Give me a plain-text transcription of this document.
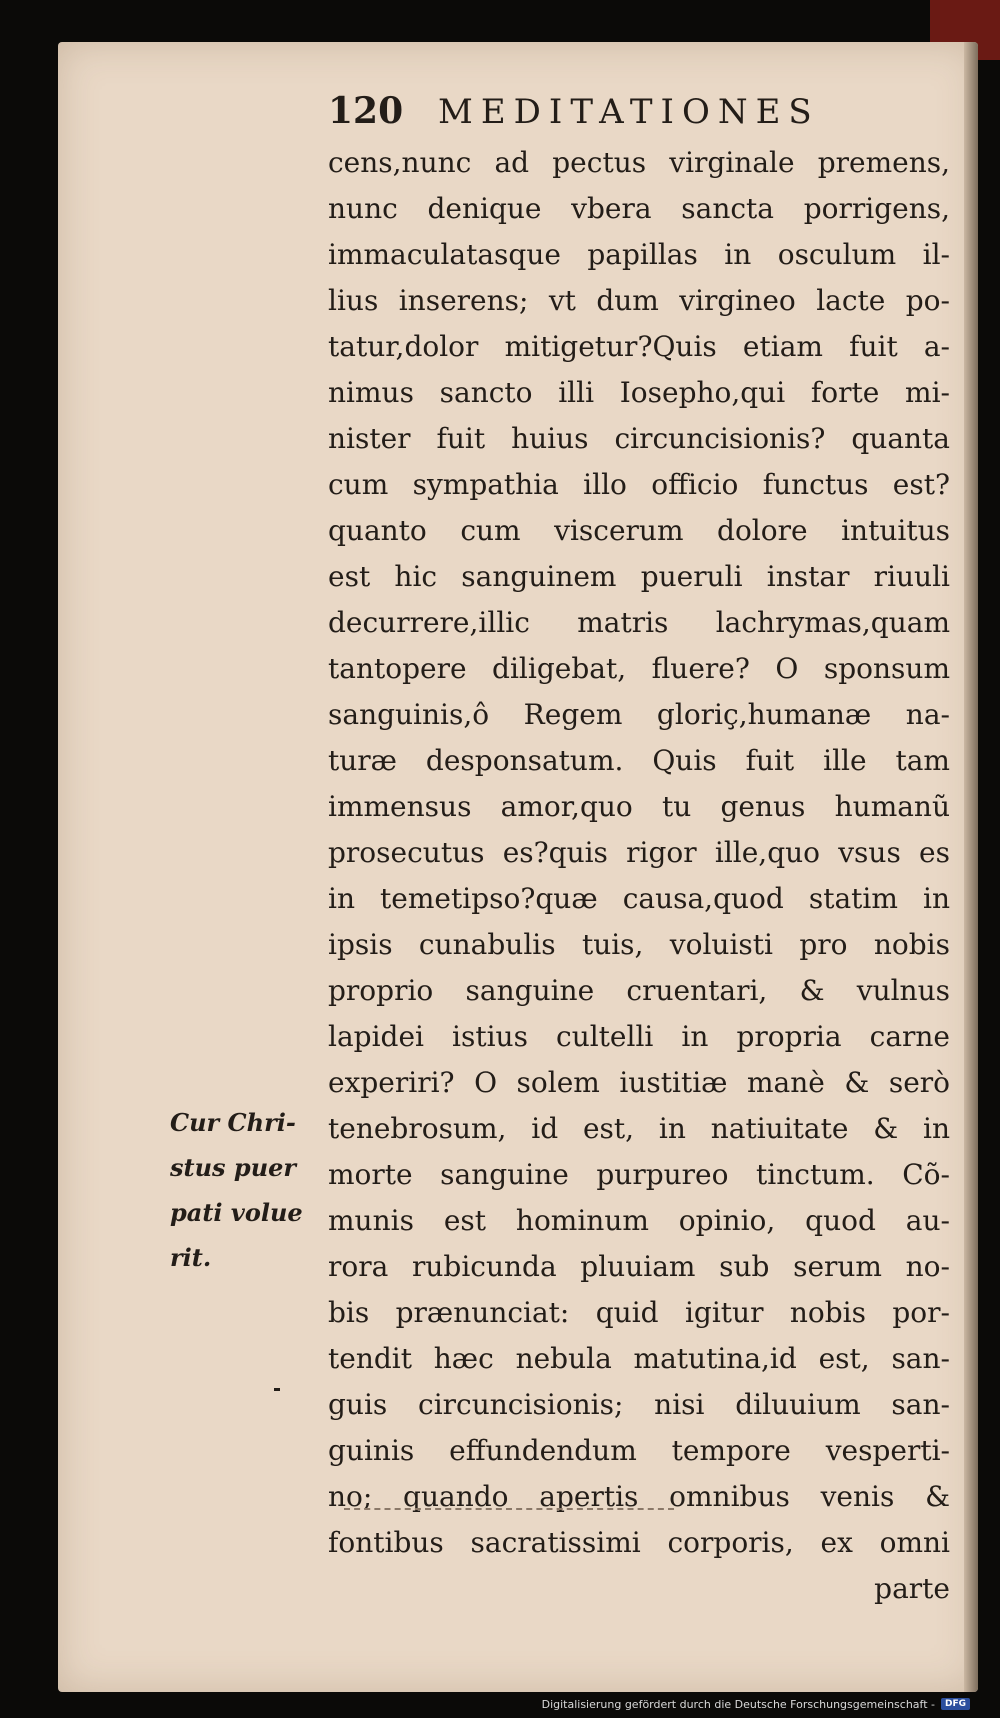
120	MEDITATIONES
cens,nunc ad pectus virginale premens,
nunc denique vbera sancta porrigens,
immaculatasque papillas in osculum il-
lius inserens; vt dum virgineo lacte po-
tatur,dolor mitigetur?Quis etiam fuit a-
nimus sancto illi Iosepho,qui forte mi-
nister fuit huius circuncisionis? quanta
cum sympathia illo officio functus est?
quanto cum viscerum dolore intuitus
est hic sanguinem pueruli instar riuuli
decurrere,illic matris lachrymas,quam
tantopere diligebat, fluere? O sponsum
sanguinis,ô Regem gloriç,humanæ na-
turæ desponsatum. Quis fuit ille tam
immensus amor,quo tu genus humanũ
prosecutus es?quis rigor ille,quo vsus es
in temetipso?quæ causa,quod statim in
ipsis cunabulis tuis, voluisti pro nobis
proprio sanguine cruentari, & vulnus
lapidei istius cultelli in propria carne
experiri? O solem iustitiæ manè & serò
tenebrosum, id est, in natiuitate & in
morte sanguine purpureo tinctum. Cõ-
munis est hominum opinio, quod au-
rora rubicunda pluuiam sub serum no-
bis prænunciat: quid igitur nobis por-
tendit hæc nebula matutina,id est, san-
guis circuncisionis; nisi diluuium san-
guinis effundendum tempore vesperti-
no; quando apertis omnibus venis &
fontibus sacratissimi corporis, ex omni
parte
Cur Chri-
stus puer
pati volue
rit.
Digitalisierung gefördert durch die Deutsche Forschungsgemeinschaft -	DFG
